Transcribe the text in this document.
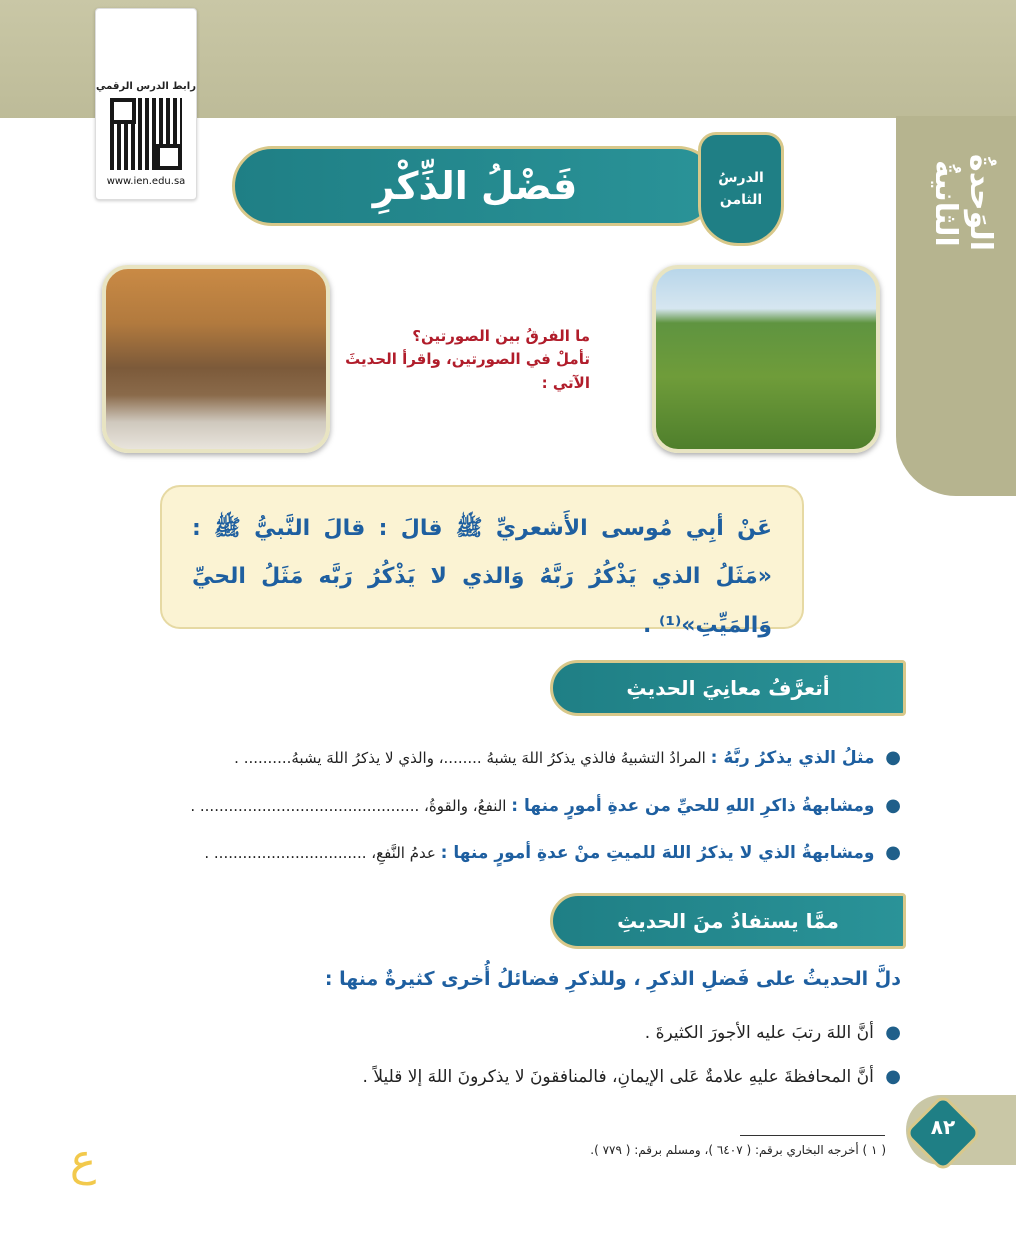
الوَحدةُ الثانيةُ
رابط الدرس الرقمي
www.ien.edu.sa	فَضْلُ الذِّكْرِ	الدرسُ
الثامن
ما الفرقُ بين الصورتين؟
تأملْ في الصورتين، واقرأ الحديثَ الآتي :
عَنْ أبِي مُوسى الأَشعريِّ ﷺ قالَ : قالَ النَّبيُّ ﷺ : «مَثَلُ الذي يَذْكُرُ رَبَّهُ وَالذي لا يَذْكُرُ رَبَّه مَثَلُ الحيِّ وَالمَيِّتِ»⁽¹⁾ .
أتعرَّفُ معانِيَ الحديثِ
● مثلُ الذي يذكرُ ربَّهُ : المرادُ التشبيهُ فالذي يذكرُ اللهَ يشبهُ ........، والذي لا يذكرُ اللهَ يشبهُ.......... .
● ومشابهةُ ذاكرِ اللهِ للحيِّ من عدةِ أمورٍ منها : النفعُ، والقوةُ، .............................................. .
● ومشابهةُ الذي لا يذكرُ اللهَ للميتِ منْ عدةِ أمورٍ منها : عدمُ النَّفعِ، ................................ .
ممَّا يستفادُ منَ الحديثِ
دلَّ الحديثُ على فَضلِ الذكرِ ، وللذكرِ فضائلُ أُخرى كثيرةٌ منها :
● أنَّ اللهَ رتبَ عليه الأجورَ الكثيرةَ .
● أنَّ المحافظةَ عليهِ علامةٌ عَلى الإيمانِ، فالمنافقونَ لا يذكرونَ اللهَ إلا قليلاً .
٨٢
( ١ ) أخرجه البخاري برقم: ( ٦٤٠٧ )، ومسلم برقم: ( ٧٧٩ ).
ع
